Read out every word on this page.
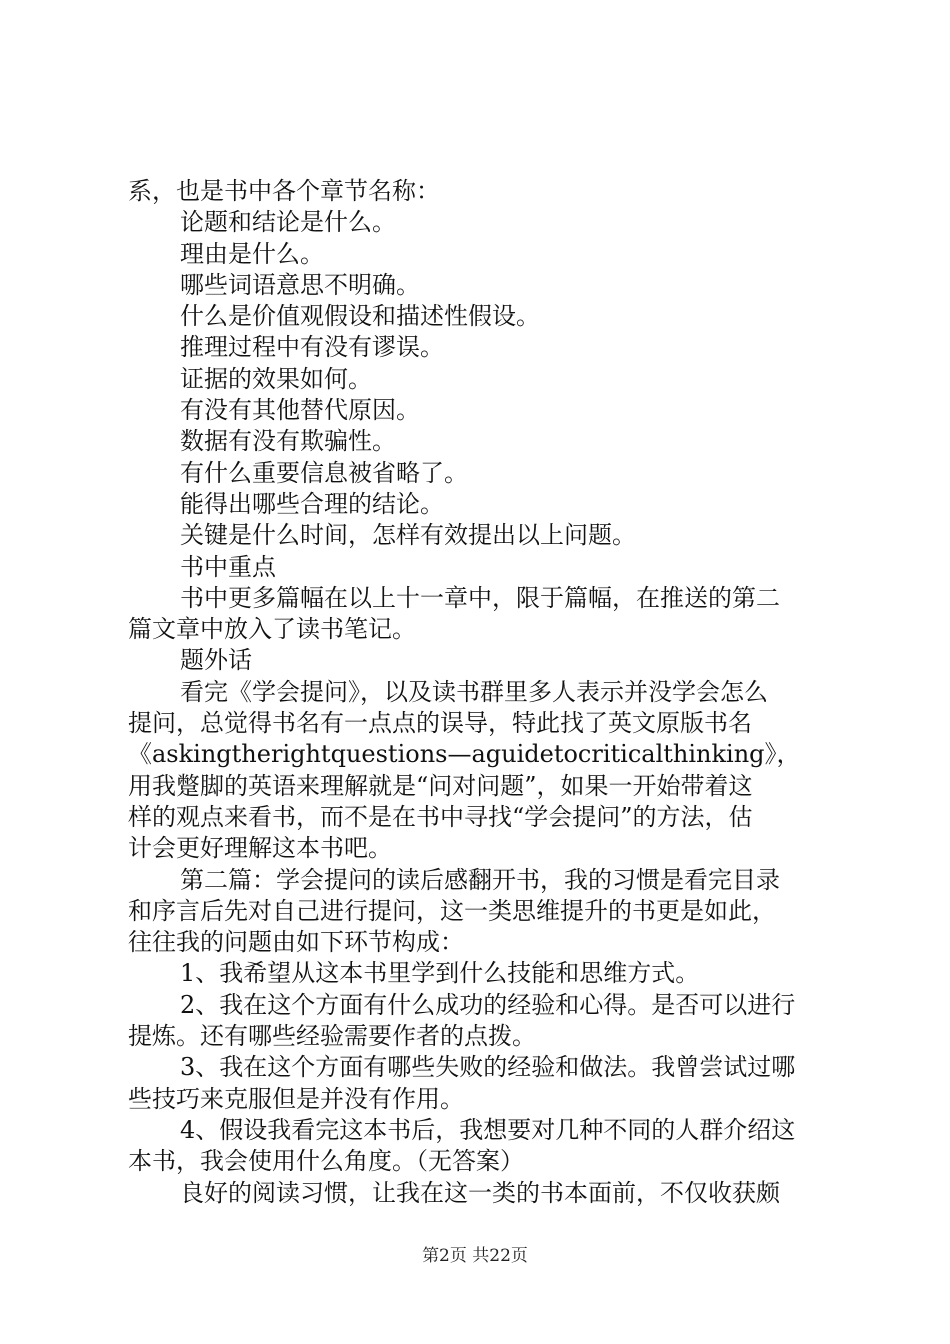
系，也是书中各个章节名称：
论题和结论是什么。
理由是什么。
哪些词语意思不明确。
什么是价值观假设和描述性假设。
推理过程中有没有谬误。
证据的效果如何。
有没有其他替代原因。
数据有没有欺骗性。
有什么重要信息被省略了。
能得出哪些合理的结论。
关键是什么时间，怎样有效提出以上问题。
书中重点
书中更多篇幅在以上十一章中，限于篇幅，在推送的第二
篇文章中放入了读书笔记。
题外话
看完《学会提问》，以及读书群里多人表示并没学会怎么
提问，总觉得书名有一点点的误导，特此找了英文原版书名
《askingtherightquestions—aguidetocriticalthinking》，
用我蹩脚的英语来理解就是“问对问题”，如果一开始带着这
样的观点来看书，而不是在书中寻找“学会提问”的方法，估
计会更好理解这本书吧。
第二篇：学会提问的读后感翻开书，我的习惯是看完目录
和序言后先对自己进行提问，这一类思维提升的书更是如此，
往往我的问题由如下环节构成：
1、我希望从这本书里学到什么技能和思维方式。
2、我在这个方面有什么成功的经验和心得。是否可以进行
提炼。还有哪些经验需要作者的点拨。
3、我在这个方面有哪些失败的经验和做法。我曾尝试过哪
些技巧来克服但是并没有作用。
4、假设我看完这本书后，我想要对几种不同的人群介绍这
本书，我会使用什么角度。（无答案）
良好的阅读习惯，让我在这一类的书本面前，不仅收获颇
第2页 共22页
